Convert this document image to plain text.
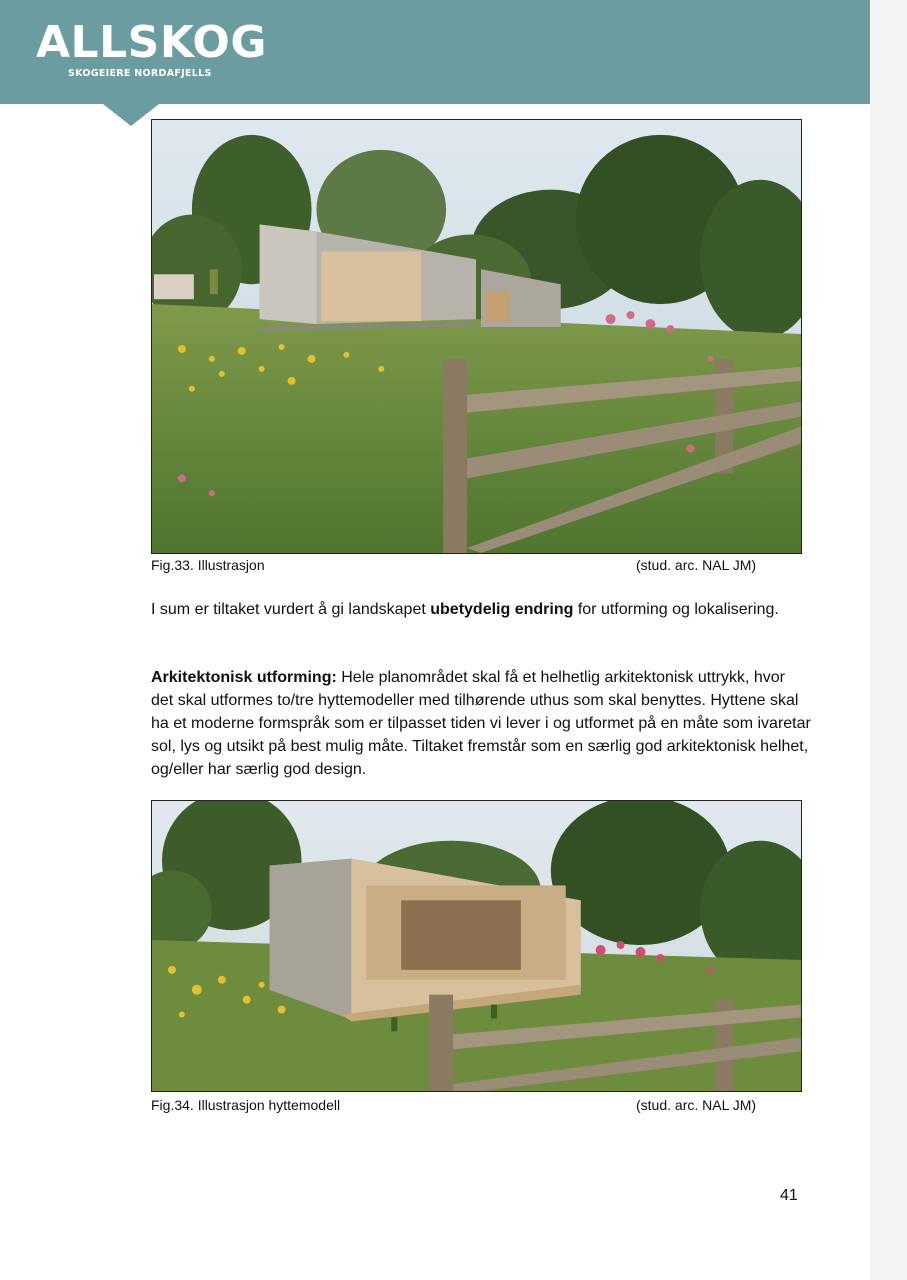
ALLSKOG
SKOGEIERE NORDAFJELLS
Fig.33. Illustrasjon	(stud. arc. NAL JM)

I sum er tiltaket vurdert å gi landskapet ubetydelig endring for utforming og lokalisering.

Arkitektonisk utforming: Hele planområdet skal få et helhetlig arkitektonisk uttrykk, hvor det skal utformes to/tre hyttemodeller med tilhørende uthus som skal benyttes. Hyttene skal ha et moderne formspråk som er tilpasset tiden vi lever i og utformet på en måte som ivaretar sol, lys og utsikt på best mulig måte. Tiltaket fremstår som en særlig god arkitektonisk helhet, og/eller har særlig god design.

Fig.34. Illustrasjon hyttemodell	(stud. arc. NAL JM)
41
